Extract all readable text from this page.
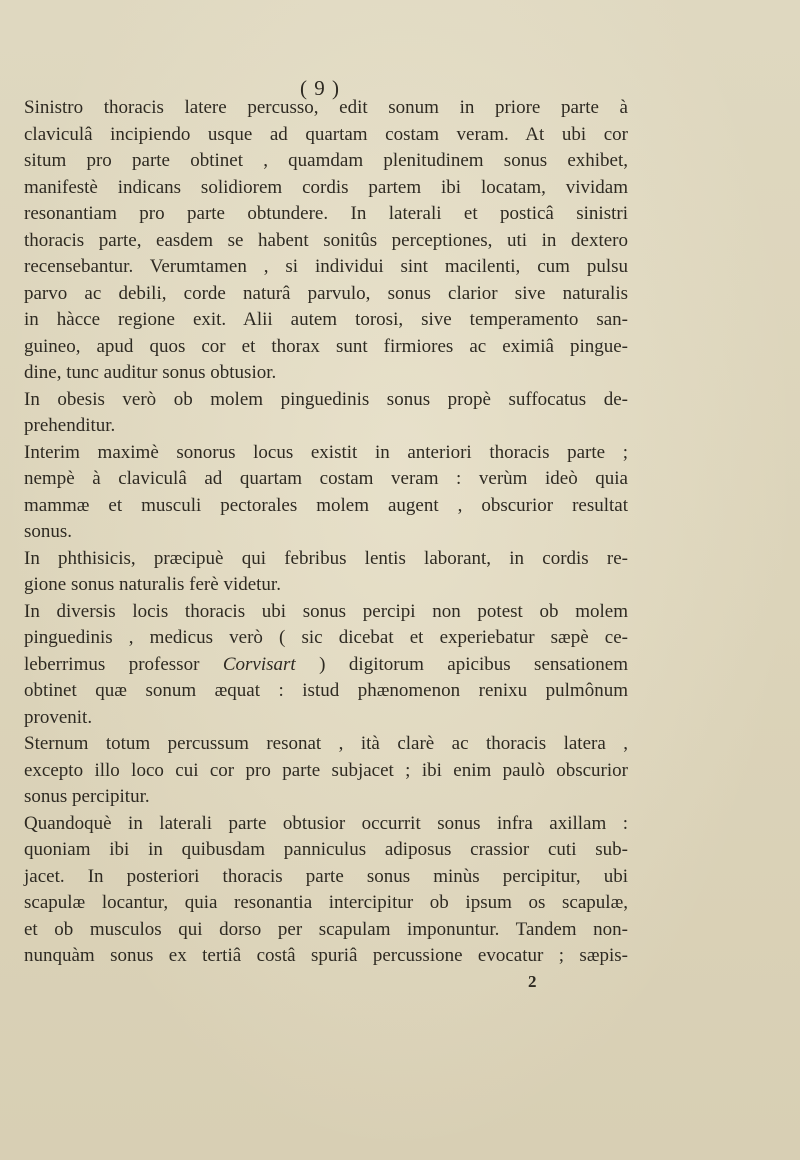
( 9 )
Sinistro thoracis latere percusso, edit sonum in priore parte à
claviculâ incipiendo usque ad quartam costam veram. At ubi cor
situm pro parte obtinet , quamdam plenitudinem sonus exhibet,
manifestè indicans solidiorem cordis partem ibi locatam, vividam
resonantiam pro parte obtundere. In laterali et posticâ sinistri
thoracis parte, easdem se habent sonitûs perceptiones, uti in dextero
recensebantur. Verumtamen , si individui sint macilenti, cum pulsu
parvo ac debili, corde naturâ parvulo, sonus clarior sive naturalis
in hàcce regione exit. Alii autem torosi, sive temperamento san-
guineo, apud quos cor et thorax sunt firmiores ac eximiâ pingue-
dine, tunc auditur sonus obtusior.
In obesis verò ob molem pinguedinis sonus propè suffocatus de-
prehenditur.
Interim maximè sonorus locus existit in anteriori thoracis parte ;
nempè à claviculâ ad quartam costam veram : verùm ideò quia
mammæ et musculi pectorales molem augent , obscurior resultat
sonus.
In phthisicis, præcipuè qui febribus lentis laborant, in cordis re-
gione sonus naturalis ferè videtur.
In diversis locis thoracis ubi sonus percipi non potest ob molem
pinguedinis , medicus verò ( sic dicebat et experiebatur sæpè ce-
leberrimus professor Corvisart ) digitorum apicibus sensationem
obtinet quæ sonum æquat : istud phænomenon renixu pulmônum
provenit.
Sternum totum percussum resonat , ità clarè ac thoracis latera ,
excepto illo loco cui cor pro parte subjacet ; ibi enim paulò obscurior
sonus percipitur.
Quandoquè in laterali parte obtusior occurrit sonus infra axillam :
quoniam ibi in quibusdam panniculus adiposus crassior cuti sub-
jacet. In posteriori thoracis parte sonus minùs percipitur, ubi
scapulæ locantur, quia resonantia intercipitur ob ipsum os scapulæ,
et ob musculos qui dorso per scapulam imponuntur. Tandem non-
nunquàm sonus ex tertiâ costâ spuriâ percussione evocatur ; sæpis-
2
